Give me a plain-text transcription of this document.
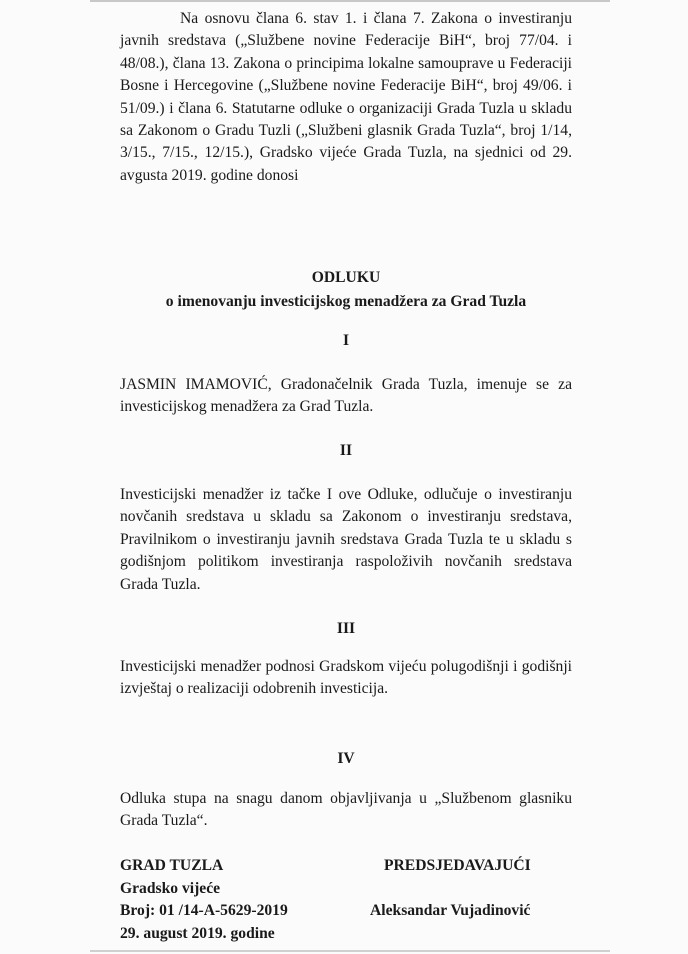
Na osnovu člana 6. stav 1. i člana 7. Zakona o investiranju javnih sredstava („Službene novine Federacije BiH“, broj 77/04. i 48/08.), člana 13. Zakona o principima lokalne samouprave u Federaciji Bosne i Hercegovine („Službene novine Federacije BiH“, broj 49/06. i 51/09.) i člana 6. Statutarne odluke o organizaciji Grada Tuzla u skladu sa Zakonom o Gradu Tuzli („Službeni glasnik Grada Tuzla“, broj 1/14, 3/15., 7/15., 12/15.), Gradsko vijeće Grada Tuzla, na sjednici od 29. avgusta 2019. godine donosi

ODLUKU
o imenovanju investicijskog menadžera za Grad Tuzla
I

JASMIN IMAMOVIĆ, Gradonačelnik Grada Tuzla, imenuje se za investicijskog menadžera za Grad Tuzla.

II

Investicijski menadžer iz tačke I ove Odluke, odlučuje o investiranju novčanih sredstava u skladu sa Zakonom o investiranju sredstava, Pravilnikom o investiranju javnih sredstava Grada Tuzla te u skladu s godišnjom politikom investiranja raspoloživih novčanih sredstava Grada Tuzla.

III

Investicijski menadžer podnosi Gradskom vijeću polugodišnji i godišnji izvještaj o realizaciji odobrenih investicija.

IV

Odluka stupa na snagu danom objavljivanja u „Službenom glasniku Grada Tuzla“.

GRAD TUZLA
Gradsko vijeće
Broj: 01 /14-A-5629-2019
29. august 2019. godine
PREDSJEDAVAJUĆI
Aleksandar Vujadinović
